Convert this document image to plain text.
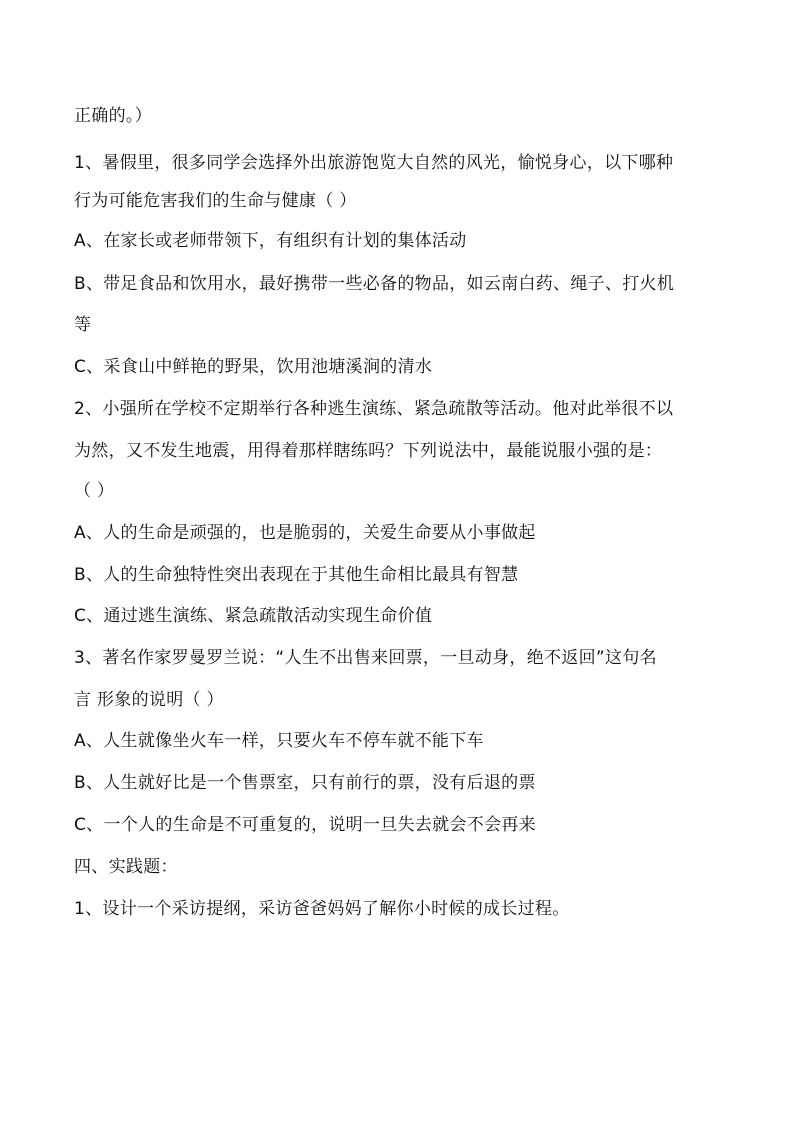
正确的。）
1、暑假里，很多同学会选择外出旅游饱览大自然的风光，愉悦身心，以下哪种
行为可能危害我们的生命与健康（ ）
A、在家长或老师带领下，有组织有计划的集体活动
B、带足食品和饮用水，最好携带一些必备的物品，如云南白药、绳子、打火机
等
C、采食山中鲜艳的野果，饮用池塘溪涧的清水
2、小强所在学校不定期举行各种逃生演练、紧急疏散等活动。他对此举很不以
为然，又不发生地震，用得着那样瞎练吗？下列说法中，最能说服小强的是：
（ ）
A、人的生命是顽强的，也是脆弱的，关爱生命要从小事做起
B、人的生命独特性突出表现在于其他生命相比最具有智慧
C、通过逃生演练、紧急疏散活动实现生命价值
3、著名作家罗曼罗兰说：“人生不出售来回票，一旦动身，绝不返回”这句名
言 形象的说明（ ）
A、人生就像坐火车一样，只要火车不停车就不能下车
B、人生就好比是一个售票室，只有前行的票，没有后退的票
C、一个人的生命是不可重复的，说明一旦失去就会不会再来
四、实践题：
1、设计一个采访提纲，采访爸爸妈妈了解你小时候的成长过程。
